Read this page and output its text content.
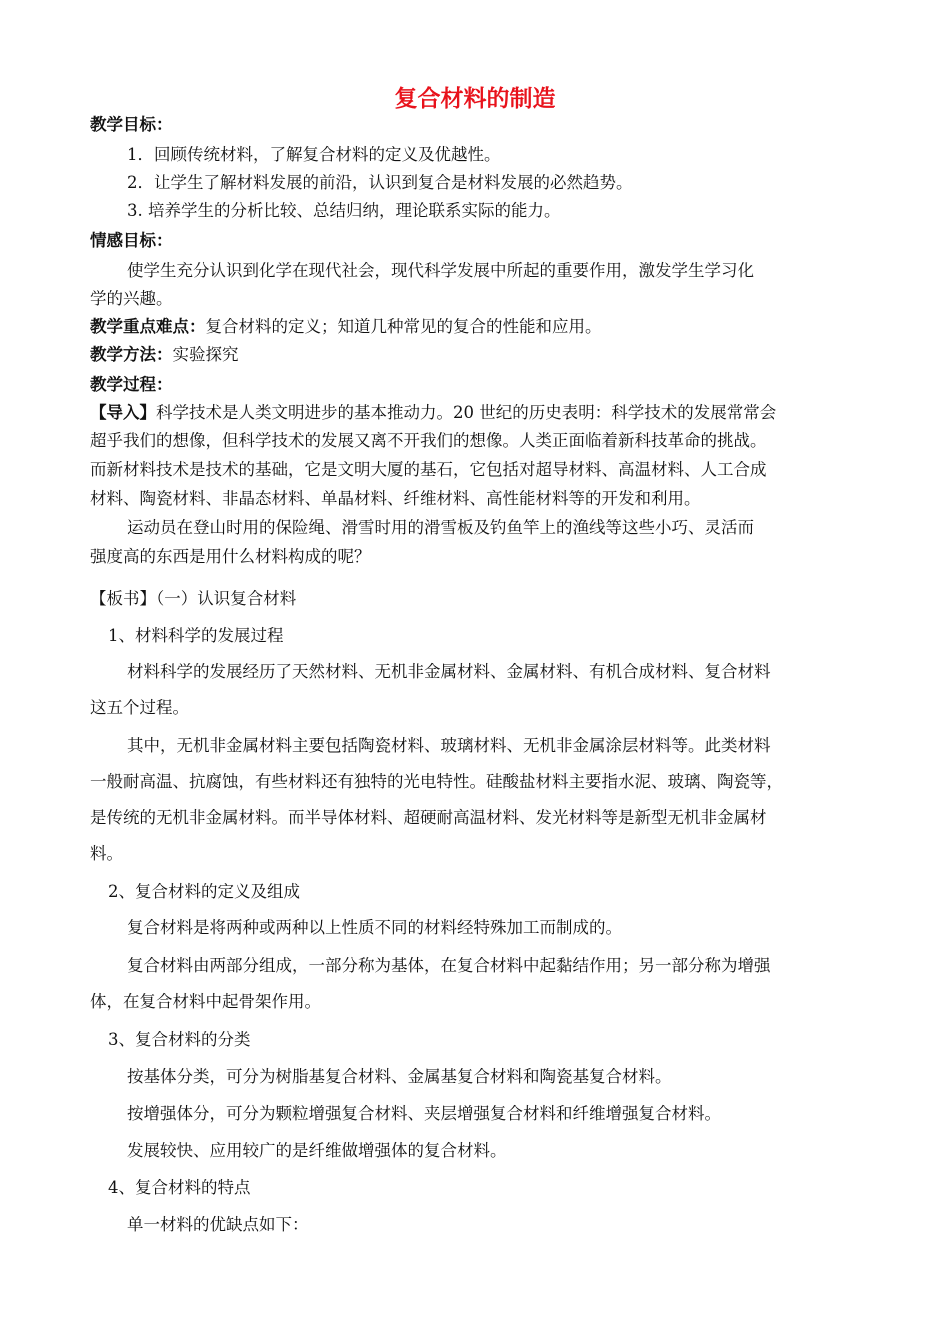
复合材料的制造
教学目标：
1．回顾传统材料，了解复合材料的定义及优越性。
2．让学生了解材料发展的前沿，认识到复合是材料发展的必然趋势。
3. 培养学生的分析比较、总结归纳，理论联系实际的能力。
情感目标：
使学生充分认识到化学在现代社会，现代科学发展中所起的重要作用，激发学生学习化
学的兴趣。
教学重点难点：复合材料的定义；知道几种常见的复合的性能和应用。
教学方法：实验探究
教学过程：
【导入】科学技术是人类文明进步的基本推动力。20 世纪的历史表明：科学技术的发展常常会
超乎我们的想像，但科学技术的发展又离不开我们的想像。人类正面临着新科技革命的挑战。
而新材料技术是技术的基础，它是文明大厦的基石，它包括对超导材料、高温材料、人工合成
材料、陶瓷材料、非晶态材料、单晶材料、纤维材料、高性能材料等的开发和利用。
运动员在登山时用的保险绳、滑雪时用的滑雪板及钓鱼竿上的渔线等这些小巧、灵活而
强度高的东西是用什么材料构成的呢？
【板书】（一）认识复合材料
1、材料科学的发展过程
材料科学的发展经历了天然材料、无机非金属材料、金属材料、有机合成材料、复合材料
这五个过程。
其中，无机非金属材料主要包括陶瓷材料、玻璃材料、无机非金属涂层材料等。此类材料
一般耐高温、抗腐蚀，有些材料还有独特的光电特性。硅酸盐材料主要指水泥、玻璃、陶瓷等，
是传统的无机非金属材料。而半导体材料、超硬耐高温材料、发光材料等是新型无机非金属材
料。
2、复合材料的定义及组成
复合材料是将两种或两种以上性质不同的材料经特殊加工而制成的。
复合材料由两部分组成，一部分称为基体，在复合材料中起黏结作用；另一部分称为增强
体，在复合材料中起骨架作用。
3、复合材料的分类
按基体分类，可分为树脂基复合材料、金属基复合材料和陶瓷基复合材料。
按增强体分，可分为颗粒增强复合材料、夹层增强复合材料和纤维增强复合材料。
发展较快、应用较广的是纤维做增强体的复合材料。
4、复合材料的特点
单一材料的优缺点如下：
